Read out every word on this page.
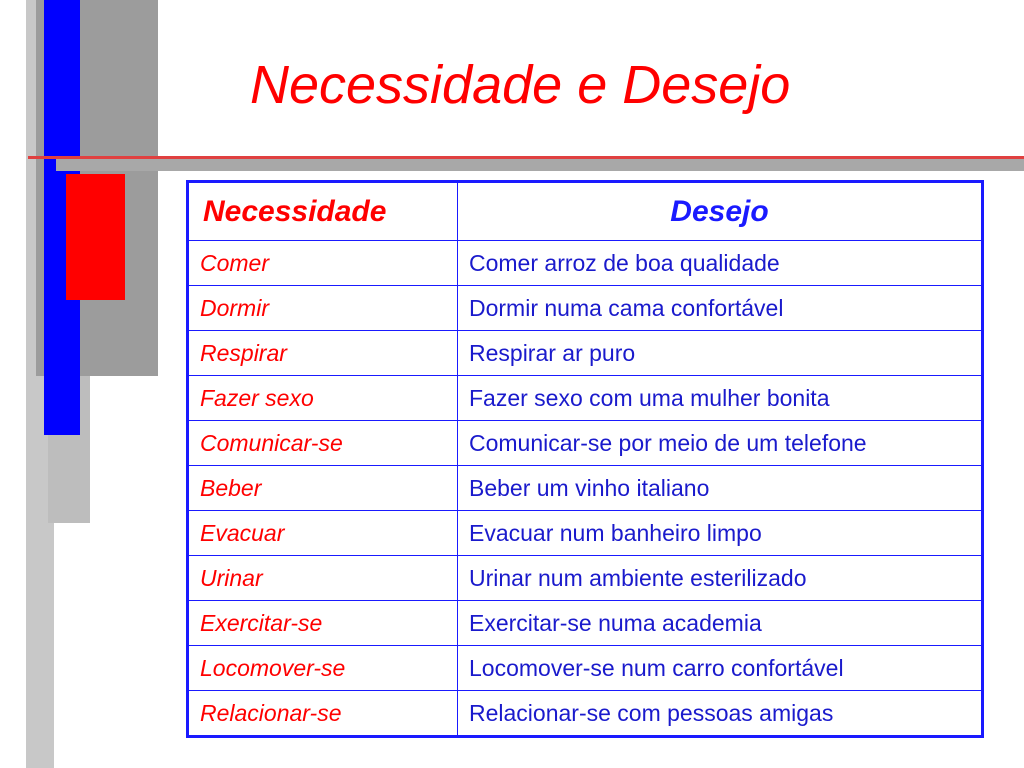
Necessidade e Desejo
Necessidade	Desejo
Comer	Comer arroz de boa qualidade
Dormir	Dormir numa cama confortável
Respirar	Respirar ar puro
Fazer sexo	Fazer sexo com uma mulher bonita
Comunicar-se	Comunicar-se por meio de um telefone
Beber	Beber um vinho italiano
Evacuar	Evacuar num banheiro limpo
Urinar	Urinar num ambiente esterilizado
Exercitar-se	Exercitar-se numa academia
Locomover-se	Locomover-se num carro confortável
Relacionar-se	Relacionar-se com pessoas amigas
